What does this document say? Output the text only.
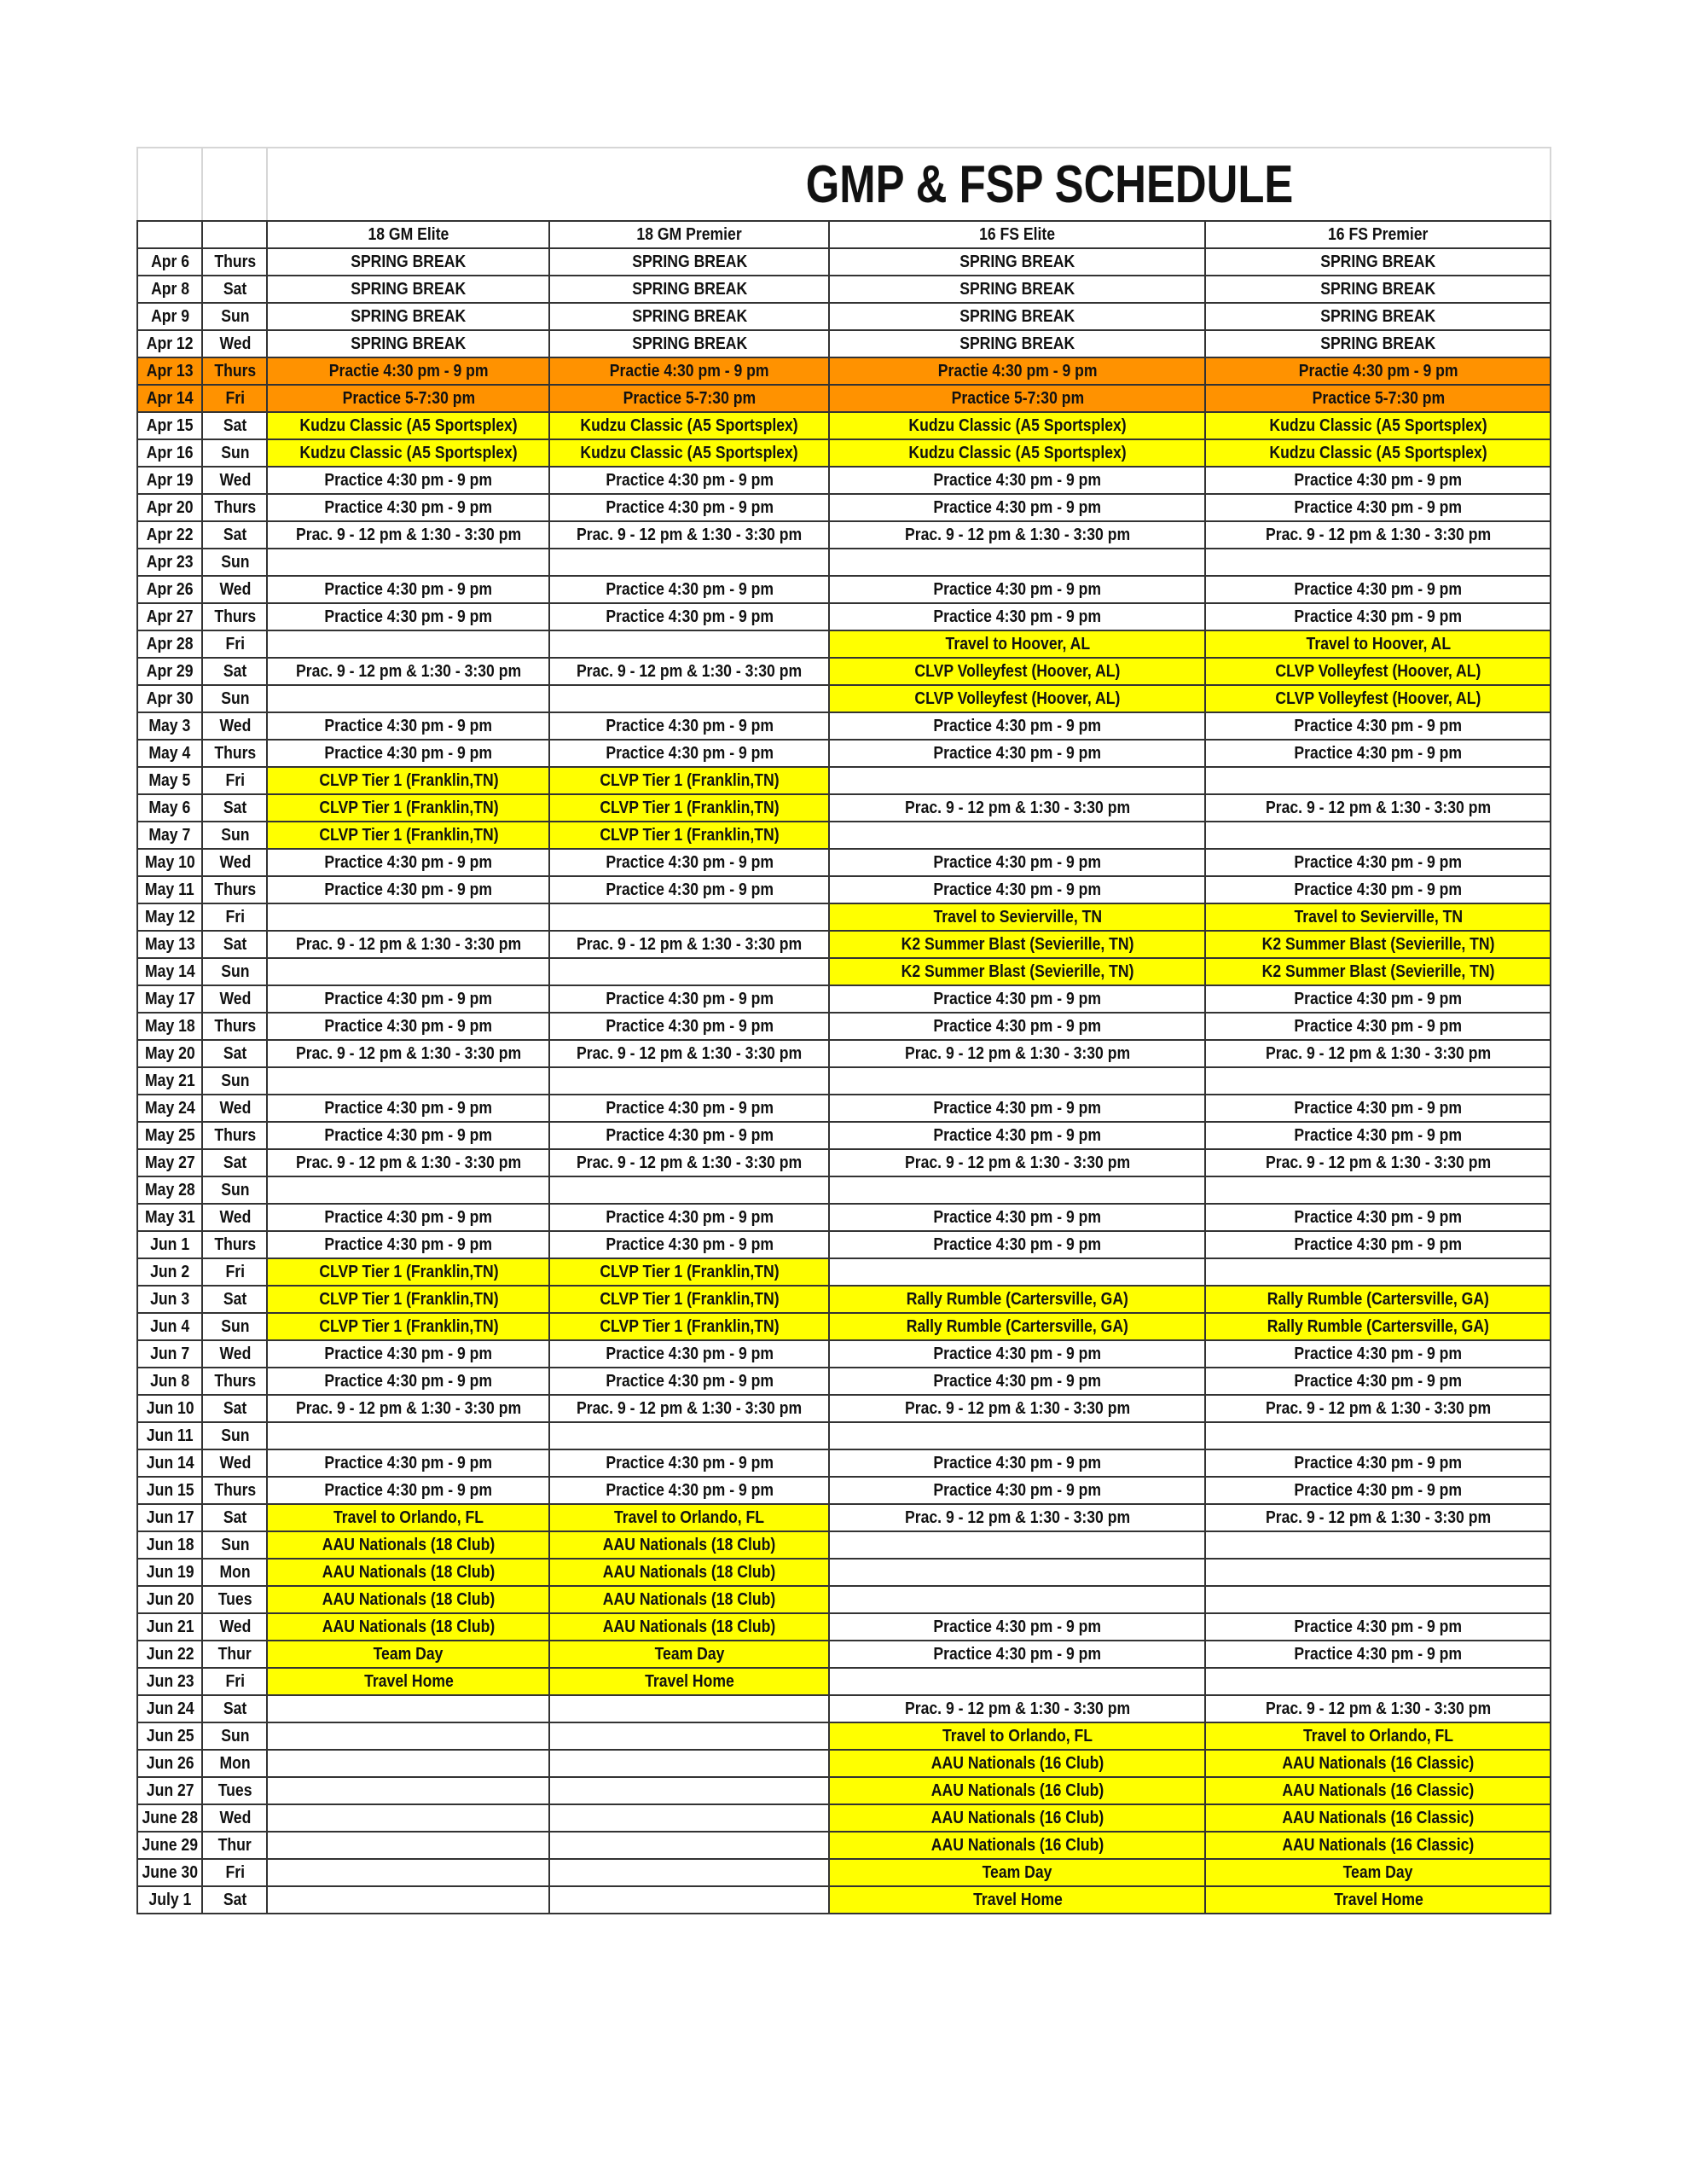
			GMP & FSP SCHEDULE		
		18 GM Elite	18 GM Premier	16 FS Elite	16 FS Premier
Apr 6	Thurs	SPRING BREAK	SPRING BREAK	SPRING BREAK	SPRING BREAK
Apr 8	Sat	SPRING BREAK	SPRING BREAK	SPRING BREAK	SPRING BREAK
Apr 9	Sun	SPRING BREAK	SPRING BREAK	SPRING BREAK	SPRING BREAK
Apr 12	Wed	SPRING BREAK	SPRING BREAK	SPRING BREAK	SPRING BREAK
Apr 13	Thurs	Practie 4:30 pm - 9 pm	Practie 4:30 pm - 9 pm	Practie 4:30 pm - 9 pm	Practie 4:30 pm - 9 pm
Apr 14	Fri	Practice 5-7:30 pm	Practice 5-7:30 pm	Practice 5-7:30 pm	Practice 5-7:30 pm
Apr 15	Sat	Kudzu Classic (A5 Sportsplex)	Kudzu Classic (A5 Sportsplex)	Kudzu Classic (A5 Sportsplex)	Kudzu Classic (A5 Sportsplex)
Apr 16	Sun	Kudzu Classic (A5 Sportsplex)	Kudzu Classic (A5 Sportsplex)	Kudzu Classic (A5 Sportsplex)	Kudzu Classic (A5 Sportsplex)
Apr 19	Wed	Practice 4:30 pm - 9 pm	Practice 4:30 pm - 9 pm	Practice 4:30 pm - 9 pm	Practice 4:30 pm - 9 pm
Apr 20	Thurs	Practice 4:30 pm - 9 pm	Practice 4:30 pm - 9 pm	Practice 4:30 pm - 9 pm	Practice 4:30 pm - 9 pm
Apr 22	Sat	Prac. 9 - 12 pm & 1:30 - 3:30 pm	Prac. 9 - 12 pm & 1:30 - 3:30 pm	Prac. 9 - 12 pm & 1:30 - 3:30 pm	Prac. 9 - 12 pm & 1:30 - 3:30 pm
Apr 23	Sun				
Apr 26	Wed	Practice 4:30 pm - 9 pm	Practice 4:30 pm - 9 pm	Practice 4:30 pm - 9 pm	Practice 4:30 pm - 9 pm
Apr 27	Thurs	Practice 4:30 pm - 9 pm	Practice 4:30 pm - 9 pm	Practice 4:30 pm - 9 pm	Practice 4:30 pm - 9 pm
Apr 28	Fri			Travel to Hoover, AL	Travel to Hoover, AL
Apr 29	Sat	Prac. 9 - 12 pm & 1:30 - 3:30 pm	Prac. 9 - 12 pm & 1:30 - 3:30 pm	CLVP Volleyfest (Hoover, AL)	CLVP Volleyfest (Hoover, AL)
Apr 30	Sun			CLVP Volleyfest (Hoover, AL)	CLVP Volleyfest (Hoover, AL)
May 3	Wed	Practice 4:30 pm - 9 pm	Practice 4:30 pm - 9 pm	Practice 4:30 pm - 9 pm	Practice 4:30 pm - 9 pm
May 4	Thurs	Practice 4:30 pm - 9 pm	Practice 4:30 pm - 9 pm	Practice 4:30 pm - 9 pm	Practice 4:30 pm - 9 pm
May 5	Fri	CLVP Tier 1 (Franklin,TN)	CLVP Tier 1 (Franklin,TN)		
May 6	Sat	CLVP Tier 1 (Franklin,TN)	CLVP Tier 1 (Franklin,TN)	Prac. 9 - 12 pm & 1:30 - 3:30 pm	Prac. 9 - 12 pm & 1:30 - 3:30 pm
May 7	Sun	CLVP Tier 1 (Franklin,TN)	CLVP Tier 1 (Franklin,TN)		
May 10	Wed	Practice 4:30 pm - 9 pm	Practice 4:30 pm - 9 pm	Practice 4:30 pm - 9 pm	Practice 4:30 pm - 9 pm
May 11	Thurs	Practice 4:30 pm - 9 pm	Practice 4:30 pm - 9 pm	Practice 4:30 pm - 9 pm	Practice 4:30 pm - 9 pm
May 12	Fri			Travel to Sevierville, TN	Travel to Sevierville, TN
May 13	Sat	Prac. 9 - 12 pm & 1:30 - 3:30 pm	Prac. 9 - 12 pm & 1:30 - 3:30 pm	K2 Summer Blast (Sevierille, TN)	K2 Summer Blast (Sevierille, TN)
May 14	Sun			K2 Summer Blast (Sevierille, TN)	K2 Summer Blast (Sevierille, TN)
May 17	Wed	Practice 4:30 pm - 9 pm	Practice 4:30 pm - 9 pm	Practice 4:30 pm - 9 pm	Practice 4:30 pm - 9 pm
May 18	Thurs	Practice 4:30 pm - 9 pm	Practice 4:30 pm - 9 pm	Practice 4:30 pm - 9 pm	Practice 4:30 pm - 9 pm
May 20	Sat	Prac. 9 - 12 pm & 1:30 - 3:30 pm	Prac. 9 - 12 pm & 1:30 - 3:30 pm	Prac. 9 - 12 pm & 1:30 - 3:30 pm	Prac. 9 - 12 pm & 1:30 - 3:30 pm
May 21	Sun				
May 24	Wed	Practice 4:30 pm - 9 pm	Practice 4:30 pm - 9 pm	Practice 4:30 pm - 9 pm	Practice 4:30 pm - 9 pm
May 25	Thurs	Practice 4:30 pm - 9 pm	Practice 4:30 pm - 9 pm	Practice 4:30 pm - 9 pm	Practice 4:30 pm - 9 pm
May 27	Sat	Prac. 9 - 12 pm & 1:30 - 3:30 pm	Prac. 9 - 12 pm & 1:30 - 3:30 pm	Prac. 9 - 12 pm & 1:30 - 3:30 pm	Prac. 9 - 12 pm & 1:30 - 3:30 pm
May 28	Sun				
May 31	Wed	Practice 4:30 pm - 9 pm	Practice 4:30 pm - 9 pm	Practice 4:30 pm - 9 pm	Practice 4:30 pm - 9 pm
Jun 1	Thurs	Practice 4:30 pm - 9 pm	Practice 4:30 pm - 9 pm	Practice 4:30 pm - 9 pm	Practice 4:30 pm - 9 pm
Jun 2	Fri	CLVP Tier 1 (Franklin,TN)	CLVP Tier 1 (Franklin,TN)		
Jun 3	Sat	CLVP Tier 1 (Franklin,TN)	CLVP Tier 1 (Franklin,TN)	Rally Rumble (Cartersville, GA)	Rally Rumble (Cartersville, GA)
Jun 4	Sun	CLVP Tier 1 (Franklin,TN)	CLVP Tier 1 (Franklin,TN)	Rally Rumble (Cartersville, GA)	Rally Rumble (Cartersville, GA)
Jun 7	Wed	Practice 4:30 pm - 9 pm	Practice 4:30 pm - 9 pm	Practice 4:30 pm - 9 pm	Practice 4:30 pm - 9 pm
Jun 8	Thurs	Practice 4:30 pm - 9 pm	Practice 4:30 pm - 9 pm	Practice 4:30 pm - 9 pm	Practice 4:30 pm - 9 pm
Jun 10	Sat	Prac. 9 - 12 pm & 1:30 - 3:30 pm	Prac. 9 - 12 pm & 1:30 - 3:30 pm	Prac. 9 - 12 pm & 1:30 - 3:30 pm	Prac. 9 - 12 pm & 1:30 - 3:30 pm
Jun 11	Sun				
Jun 14	Wed	Practice 4:30 pm - 9 pm	Practice 4:30 pm - 9 pm	Practice 4:30 pm - 9 pm	Practice 4:30 pm - 9 pm
Jun 15	Thurs	Practice 4:30 pm - 9 pm	Practice 4:30 pm - 9 pm	Practice 4:30 pm - 9 pm	Practice 4:30 pm - 9 pm
Jun 17	Sat	Travel to Orlando, FL	Travel to Orlando, FL	Prac. 9 - 12 pm & 1:30 - 3:30 pm	Prac. 9 - 12 pm & 1:30 - 3:30 pm
Jun 18	Sun	AAU Nationals (18 Club)	AAU Nationals (18 Club)		
Jun 19	Mon	AAU Nationals (18 Club)	AAU Nationals (18 Club)		
Jun 20	Tues	AAU Nationals (18 Club)	AAU Nationals (18 Club)		
Jun 21	Wed	AAU Nationals (18 Club)	AAU Nationals (18 Club)	Practice 4:30 pm - 9 pm	Practice 4:30 pm - 9 pm
Jun 22	Thur	Team Day	Team Day	Practice 4:30 pm - 9 pm	Practice 4:30 pm - 9 pm
Jun 23	Fri	Travel Home	Travel Home		
Jun 24	Sat			Prac. 9 - 12 pm & 1:30 - 3:30 pm	Prac. 9 - 12 pm & 1:30 - 3:30 pm
Jun 25	Sun			Travel to Orlando, FL	Travel to Orlando, FL
Jun 26	Mon			AAU Nationals (16 Club)	AAU Nationals (16 Classic)
Jun 27	Tues			AAU Nationals (16 Club)	AAU Nationals (16 Classic)
June 28	Wed			AAU Nationals (16 Club)	AAU Nationals (16 Classic)
June 29	Thur			AAU Nationals (16 Club)	AAU Nationals (16 Classic)
June 30	Fri			Team Day	Team Day
July 1	Sat			Travel Home	Travel Home
